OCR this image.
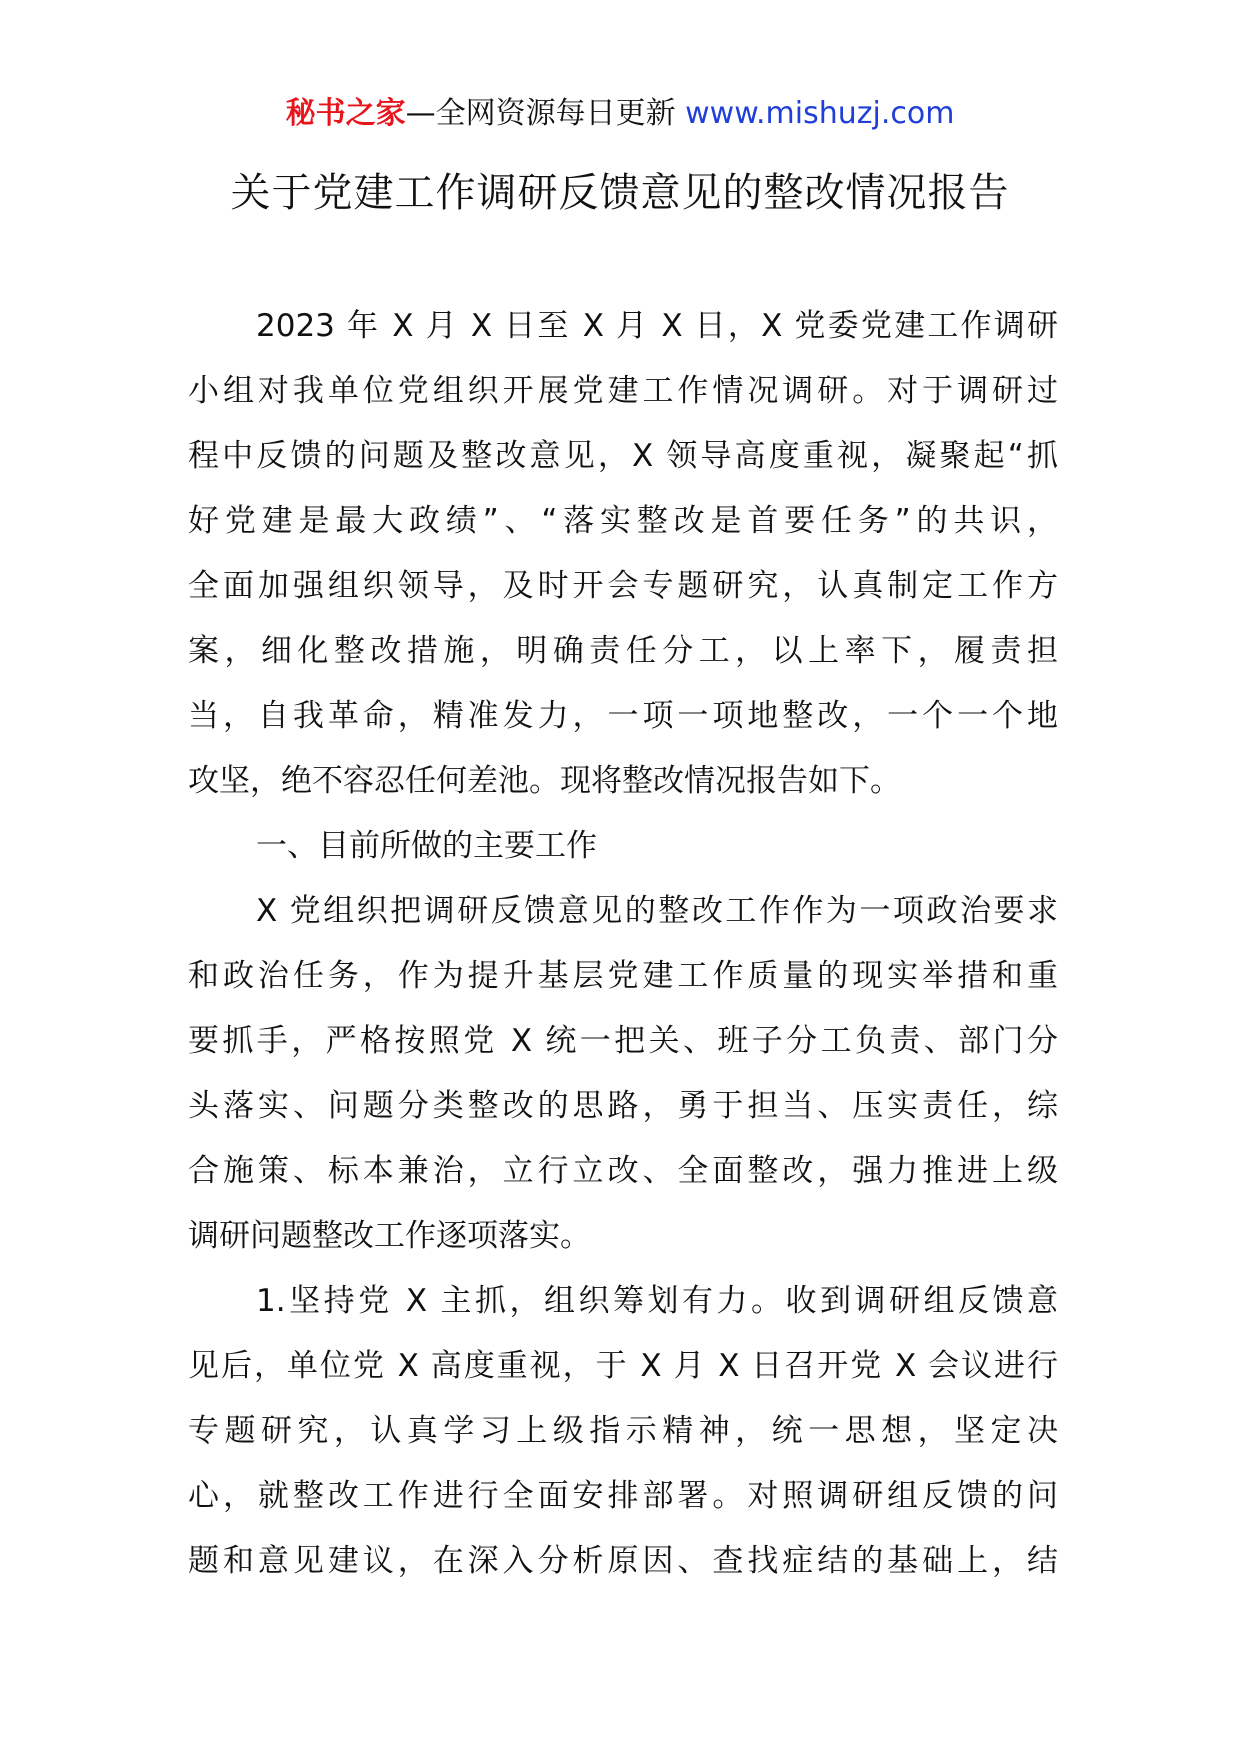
秘书之家—全网资源每日更新 www.mishuzj.com
关于党建工作调研反馈意见的整改情况报告
2023 年 X 月 X 日至 X 月 X 日，X 党委党建工作调研
小组对我单位党组织开展党建工作情况调研。对于调研过
程中反馈的问题及整改意见，X 领导高度重视，凝聚起“抓
好党建是最大政绩”、“落实整改是首要任务”的共识，
全面加强组织领导，及时开会专题研究，认真制定工作方
案，细化整改措施，明确责任分工，以上率下，履责担
当，自我革命，精准发力，一项一项地整改，一个一个地
攻坚，绝不容忍任何差池。现将整改情况报告如下。
一、目前所做的主要工作
X 党组织把调研反馈意见的整改工作作为一项政治要求
和政治任务，作为提升基层党建工作质量的现实举措和重
要抓手，严格按照党 X 统一把关、班子分工负责、部门分
头落实、问题分类整改的思路，勇于担当、压实责任，综
合施策、标本兼治，立行立改、全面整改，强力推进上级
调研问题整改工作逐项落实。
1.坚持党 X 主抓，组织筹划有力。收到调研组反馈意
见后，单位党 X 高度重视，于 X 月 X 日召开党 X 会议进行
专题研究，认真学习上级指示精神，统一思想，坚定决
心，就整改工作进行全面安排部署。对照调研组反馈的问
题和意见建议，在深入分析原因、查找症结的基础上，结
